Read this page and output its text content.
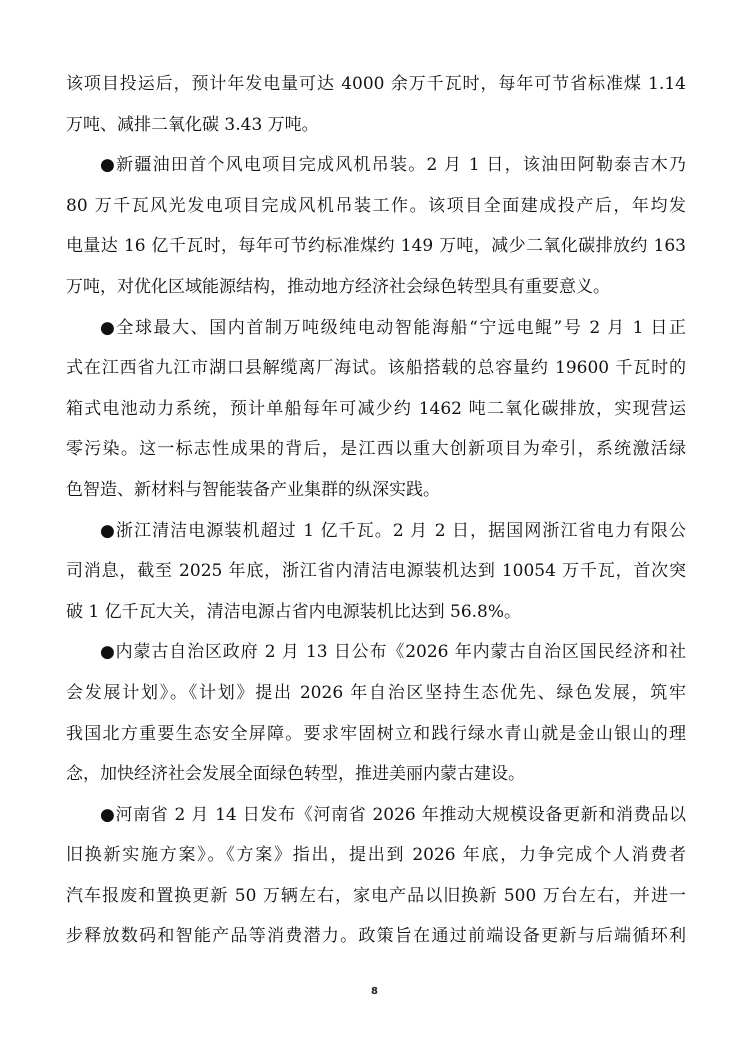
该项目投运后，预计年发电量可达 4000 余万千瓦时，每年可节省标准煤 1.14
万吨、减排二氧化碳 3.43 万吨。
●新疆油田首个风电项目完成风机吊装。2 月 1 日，该油田阿勒泰吉木乃
80 万千瓦风光发电项目完成风机吊装工作。该项目全面建成投产后，年均发
电量达 16 亿千瓦时，每年可节约标准煤约 149 万吨，减少二氧化碳排放约 163
万吨，对优化区域能源结构，推动地方经济社会绿色转型具有重要意义。
●全球最大、国内首制万吨级纯电动智能海船“宁远电鲲”号 2 月 1 日正
式在江西省九江市湖口县解缆离厂海试。该船搭载的总容量约 19600 千瓦时的
箱式电池动力系统，预计单船每年可减少约 1462 吨二氧化碳排放，实现营运
零污染。这一标志性成果的背后，是江西以重大创新项目为牵引，系统激活绿
色智造、新材料与智能装备产业集群的纵深实践。
●浙江清洁电源装机超过 1 亿千瓦。2 月 2 日，据国网浙江省电力有限公
司消息，截至 2025 年底，浙江省内清洁电源装机达到 10054 万千瓦，首次突
破 1 亿千瓦大关，清洁电源占省内电源装机比达到 56.8%。
●内蒙古自治区政府 2 月 13 日公布《2026 年内蒙古自治区国民经济和社
会发展计划》。《计划》提出 2026 年自治区坚持生态优先、绿色发展，筑牢
我国北方重要生态安全屏障。要求牢固树立和践行绿水青山就是金山银山的理
念，加快经济社会发展全面绿色转型，推进美丽内蒙古建设。
●河南省 2 月 14 日发布《河南省 2026 年推动大规模设备更新和消费品以
旧换新实施方案》。《方案》指出，提出到 2026 年底，力争完成个人消费者
汽车报废和置换更新 50 万辆左右，家电产品以旧换新 500 万台左右，并进一
步释放数码和智能产品等消费潜力。政策旨在通过前端设备更新与后端循环利
8
